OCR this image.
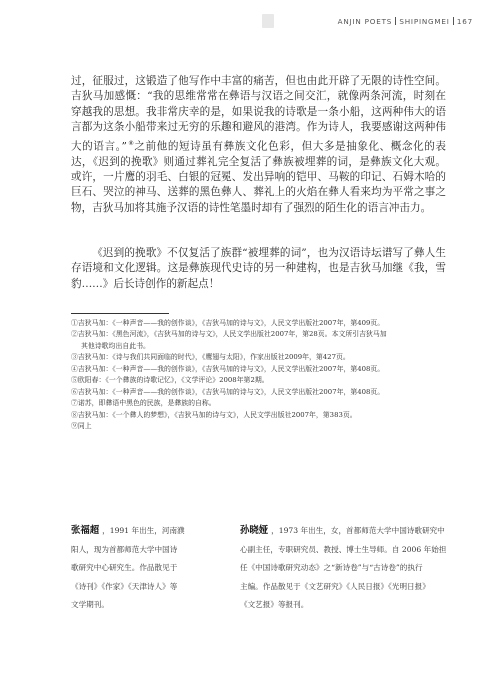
ANJIN POETS SHIPINGMEI 167
过，征服过，这锻造了他写作中丰富的痛苦，但也由此开辟了无限的诗性空间。吉狄马加感慨：“我的思维常常在彝语与汉语之间交汇，就像两条河流，时刻在穿越我的思想。我非常庆幸的是，如果说我的诗歌是一条小船，这两种伟大的语言都为这条小船带来过无穷的乐趣和避风的港湾。作为诗人，我要感谢这两种伟大的语言。”⑧之前他的短诗虽有彝族文化色彩，但大多是抽象化、概念化的表达，《迟到的挽歌》则通过葬礼完全复活了彝族被埋葬的词，是彝族文化大观。或许，一片鹰的羽毛、白银的冠冕、发出异响的铠甲、马鞍的印记、石姆木哈的巨石、哭泣的神马、送葬的黑色彝人、葬礼上的火焰在彝人看来均为平常之事之物，吉狄马加将其施予汉语的诗性笔墨时却有了强烈的陌生化的语言冲击力。
《迟到的挽歌》不仅复活了族群“被埋葬的词”，也为汉语诗坛谱写了彝人生存语境和文化逻辑。这是彝族现代史诗的另一种建构，也是吉狄马加继《我，雪豹……》后长诗创作的新起点！
①吉狄马加：《一种声音——我的创作谈》，《吉狄马加的诗与文》，人民文学出版社2007年，第409页。
②吉狄马加：《黑色河流》，《吉狄马加的诗与文》，人民文学出版社2007年，第28页。本文所引吉狄马加
其他诗歌均出自此书。
③吉狄马加：《诗与我们共同面临的时代》，《鹰翅与太阳》，作家出版社2009年，第427页。
④吉狄马加：《一种声音——我的创作谈》，《吉狄马加的诗与文》，人民文学出版社2007年，第408页。
⑤欧阳春：《一个彝族的诗歌记忆》，《文学评论》2008年第2期。
⑥吉狄马加：《一种声音——我的创作谈》，《吉狄马加的诗与文》，人民文学出版社2007年，第408页。
⑦诺苏，即彝语中黑色的民族，是彝族的自称。
⑧吉狄马加：《一个彝人的梦想》，《吉狄马加的诗与文》，人民文学出版社2007年，第383页。
⑨同上
张福超 ，1991 年出生，河南濮
阳人，现为首都师范大学中国诗
歌研究中心研究生。作品散见于
《诗刊》《作家》《天津诗人》等
文学期刊。
孙晓娅 ，1973 年出生，女，首都师范大学中国诗歌研究中
心副主任，专职研究员、教授、博士生导师。自 2006 年始担
任《中国诗歌研究动态》之“新诗卷”与“古诗卷”的执行
主编。作品散见于《文艺研究》《人民日报》《光明日报》
《文艺报》等报刊。
